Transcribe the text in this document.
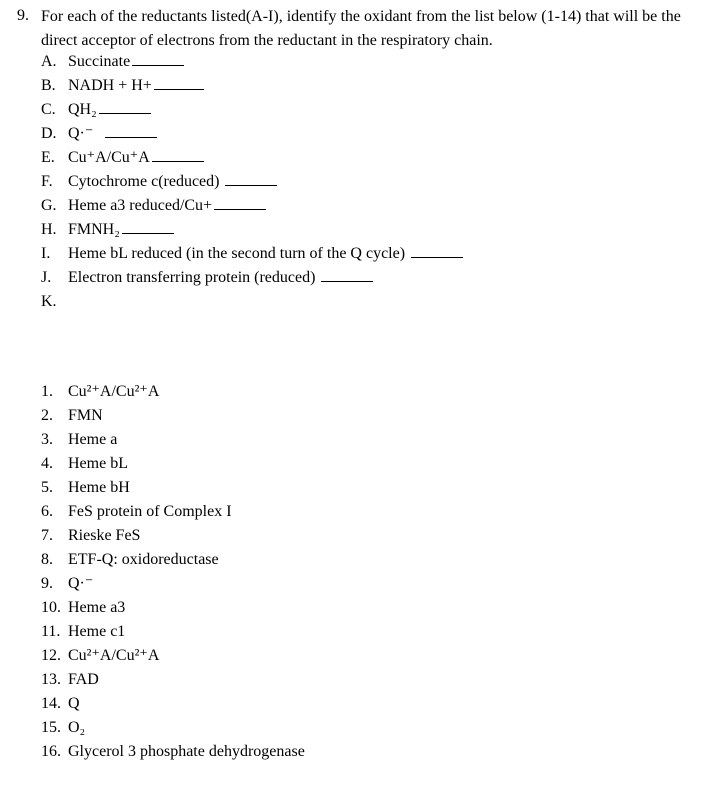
9. For each of the reductants listed(A-I), identify the oxidant from the list below (1-14) that will be the direct acceptor of electrons from the reductant in the respiratory chain.
A. Succinate
B. NADH + H+
C. QH₂
D. Q·⁻
E. Cu⁺A/Cu⁺A
F. Cytochrome c(reduced)
G. Heme a3 reduced/Cu+
H. FMNH₂
I. Heme bL reduced (in the second turn of the Q cycle)
J. Electron transferring protein (reduced)
K.
1. Cu²⁺A/Cu²⁺A
2. FMN
3. Heme a
4. Heme bL
5. Heme bH
6. FeS protein of Complex I
7. Rieske FeS
8. ETF-Q: oxidoreductase
9. Q·⁻
10. Heme a3
11. Heme c1
12. Cu²⁺A/Cu²⁺A
13. FAD
14. Q
15. O₂
16. Glycerol 3 phosphate dehydrogenase
